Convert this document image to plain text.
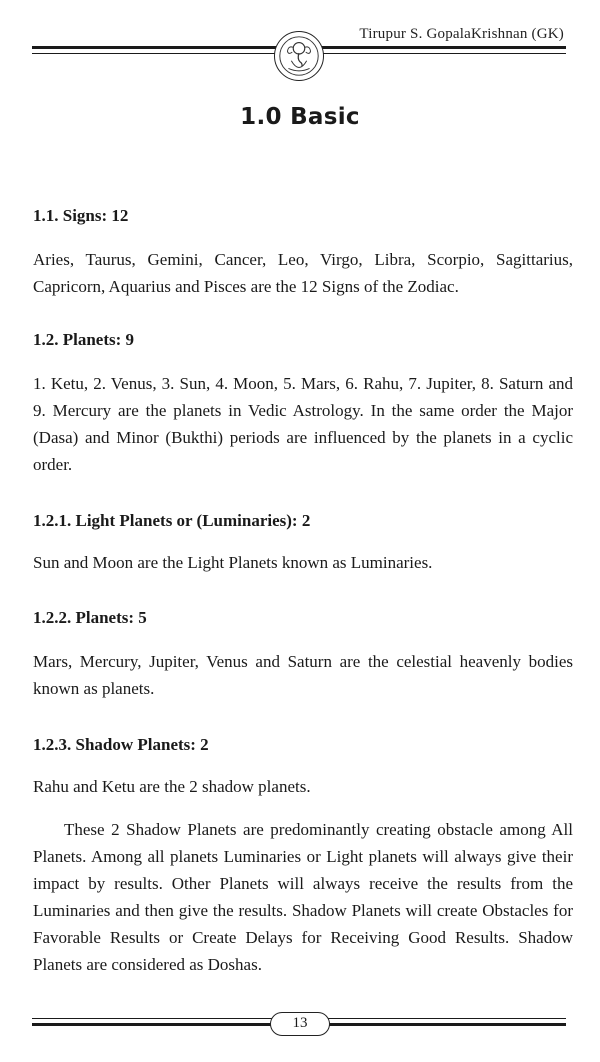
Tirupur S. GopalaKrishnan (GK)
1.0 Basic
1.1. Signs: 12
Aries, Taurus, Gemini, Cancer, Leo, Virgo, Libra, Scorpio, Sagittarius, Capricorn, Aquarius and Pisces are the 12 Signs of the Zodiac.
1.2. Planets: 9
1. Ketu, 2. Venus, 3. Sun, 4. Moon, 5. Mars, 6. Rahu, 7. Jupiter, 8. Saturn and 9. Mercury are the planets in Vedic Astrology. In the same order the Major (Dasa) and Minor (Bukthi) periods are influenced by the planets in a cyclic order.
1.2.1. Light Planets or (Luminaries): 2
Sun and Moon are the Light Planets known as Luminaries.
1.2.2. Planets: 5
Mars, Mercury, Jupiter, Venus and Saturn are the celestial heavenly bodies known as planets.
1.2.3. Shadow Planets: 2
Rahu and Ketu are the 2 shadow planets.
These 2 Shadow Planets are predominantly creating obstacle among All Planets. Among all planets Luminaries or Light planets will always give their impact by results. Other Planets will always receive the results from the Luminaries and then give the results. Shadow Planets will create Obstacles for Favorable Results or Create Delays for Receiving Good Results. Shadow Planets are considered as Doshas.
13
